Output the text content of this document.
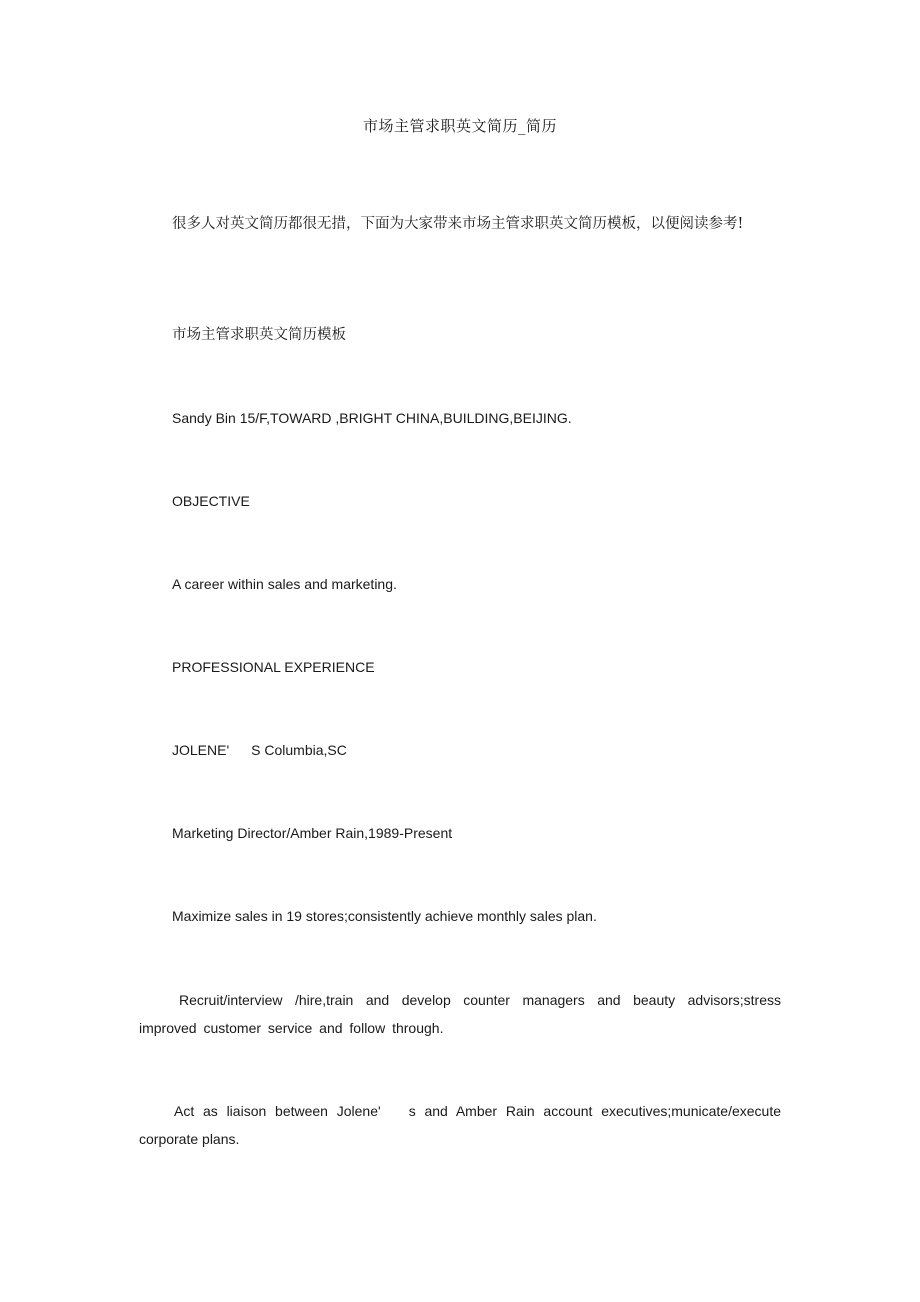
市场主管求职英文简历_简历
很多人对英文简历都很无措，下面为大家带来市场主管求职英文简历模板，以便阅读参考!
市场主管求职英文简历模板
Sandy Bin 15/F,TOWARD ,BRIGHT CHINA,BUILDING,BEIJING.
OBJECTIVE
A career within sales and marketing.
PROFESSIONAL EXPERIENCE
JOLENE' S Columbia,SC
Marketing Director/Amber Rain,1989-Present
Maximize sales in 19 stores;consistently achieve monthly sales plan.
Recruit/interview /hire,train and develop counter managers and beauty advisors;stress improved customer service and follow through.
Act as liaison between Jolene' s and Amber Rain account executives;municate/execute corporate plans.
